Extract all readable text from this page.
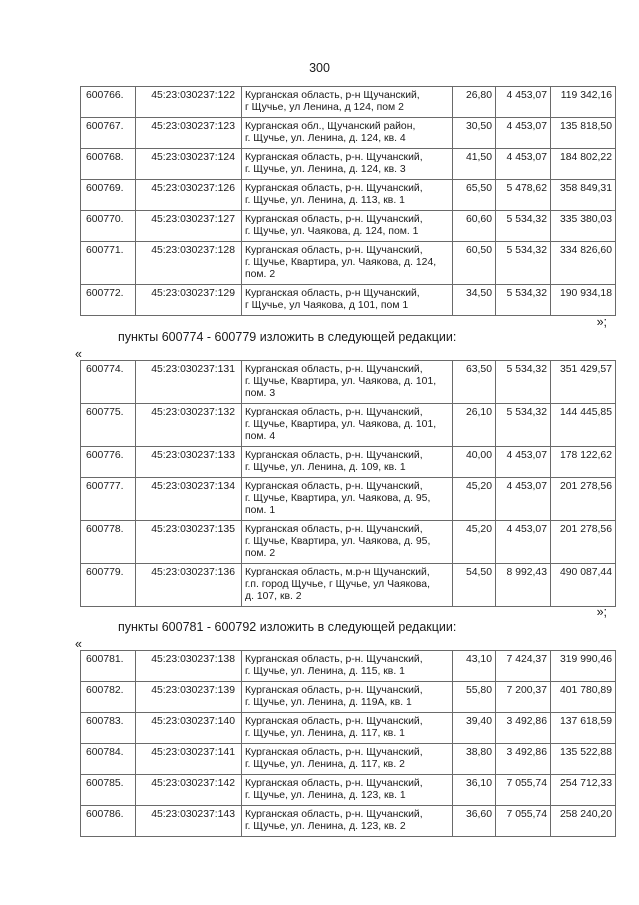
300
600766.	45:23:030237:122	Курганская область, р-н Щучанский,
г Щучье, ул Ленина, д 124, пом 2	26,80	4 453,07	119 342,16
600767.	45:23:030237:123	Курганская обл., Щучанский район,
г. Щучье, ул. Ленина, д. 124, кв. 4	30,50	4 453,07	135 818,50
600768.	45:23:030237:124	Курганская область, р-н. Щучанский,
г. Щучье, ул. Ленина, д. 124, кв. 3	41,50	4 453,07	184 802,22
600769.	45:23:030237:126	Курганская область, р-н. Щучанский,
г. Щучье, ул. Ленина, д. 113, кв. 1	65,50	5 478,62	358 849,31
600770.	45:23:030237:127	Курганская область, р-н. Щучанский,
г. Щучье, ул. Чаякова, д. 124, пом. 1	60,60	5 534,32	335 380,03
600771.	45:23:030237:128	Курганская область, р-н. Щучанский,
г. Щучье, Квартира, ул. Чаякова, д. 124,
пом. 2	60,50	5 534,32	334 826,60
600772.	45:23:030237:129	Курганская область, р-н Щучанский,
г Щучье, ул Чаякова, д 101, пом 1	34,50	5 534,32	190 934,18
»;
пункты 600774 - 600779 изложить в следующей редакции:
«
600774.	45:23:030237:131	Курганская область, р-н. Щучанский,
г. Щучье, Квартира, ул. Чаякова, д. 101,
пом. 3	63,50	5 534,32	351 429,57
600775.	45:23:030237:132	Курганская область, р-н. Щучанский,
г. Щучье, Квартира, ул. Чаякова, д. 101,
пом. 4	26,10	5 534,32	144 445,85
600776.	45:23:030237:133	Курганская область, р-н. Щучанский,
г. Щучье, ул. Ленина, д. 109, кв. 1	40,00	4 453,07	178 122,62
600777.	45:23:030237:134	Курганская область, р-н. Щучанский,
г. Щучье, Квартира, ул. Чаякова, д. 95,
пом. 1	45,20	4 453,07	201 278,56
600778.	45:23:030237:135	Курганская область, р-н. Щучанский,
г. Щучье, Квартира, ул. Чаякова, д. 95,
пом. 2	45,20	4 453,07	201 278,56
600779.	45:23:030237:136	Курганская область, м.р-н Щучанский,
г.п. город Щучье, г Щучье, ул Чаякова,
д. 107, кв. 2	54,50	8 992,43	490 087,44
»;
пункты 600781 - 600792 изложить в следующей редакции:
«
600781.	45:23:030237:138	Курганская область, р-н. Щучанский,
г. Щучье, ул. Ленина, д. 115, кв. 1	43,10	7 424,37	319 990,46
600782.	45:23:030237:139	Курганская область, р-н. Щучанский,
г. Щучье, ул. Ленина, д. 119А, кв. 1	55,80	7 200,37	401 780,89
600783.	45:23:030237:140	Курганская область, р-н. Щучанский,
г. Щучье, ул. Ленина, д. 117, кв. 1	39,40	3 492,86	137 618,59
600784.	45:23:030237:141	Курганская область, р-н. Щучанский,
г. Щучье, ул. Ленина, д. 117, кв. 2	38,80	3 492,86	135 522,88
600785.	45:23:030237:142	Курганская область, р-н. Щучанский,
г. Щучье, ул. Ленина, д. 123, кв. 1	36,10	7 055,74	254 712,33
600786.	45:23:030237:143	Курганская область, р-н. Щучанский,
г. Щучье, ул. Ленина, д. 123, кв. 2	36,60	7 055,74	258 240,20
